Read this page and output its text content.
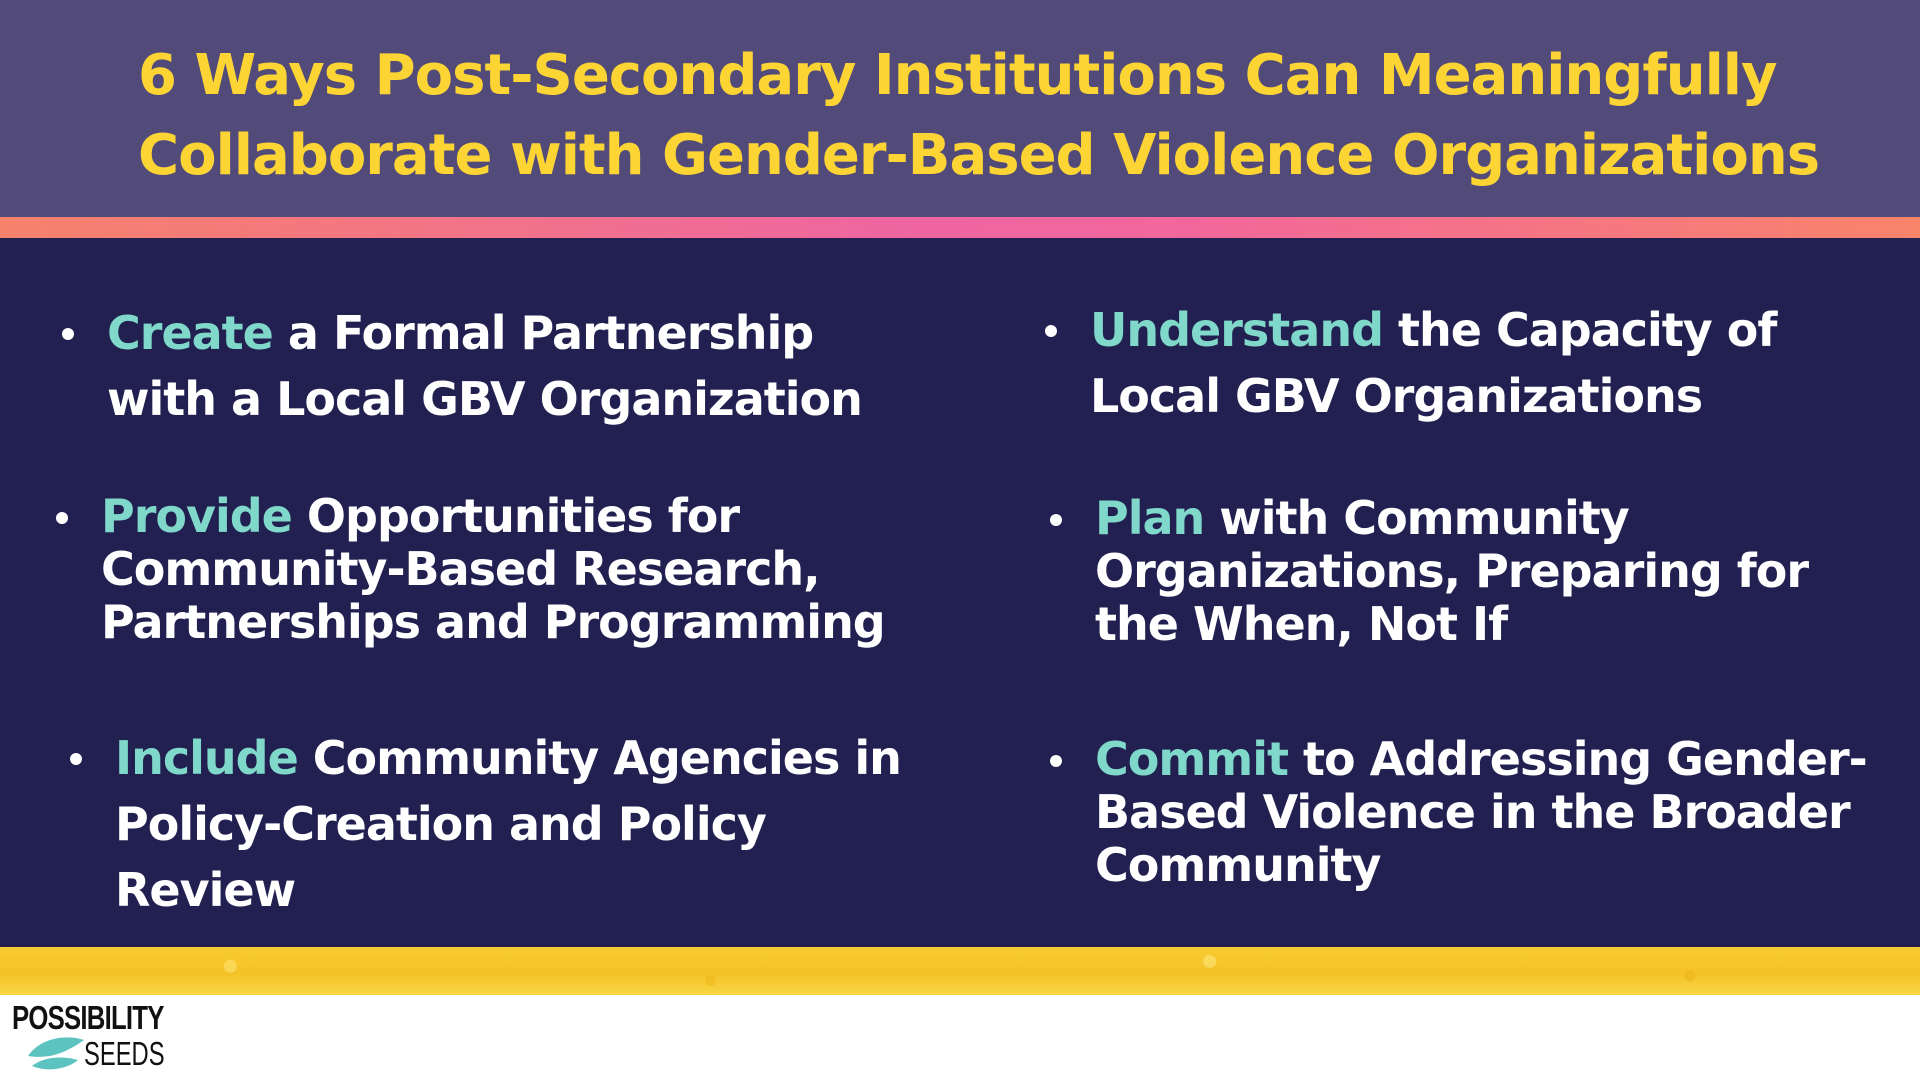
6 Ways Post-Secondary Institutions Can Meaningfully
Collaborate with Gender-Based Violence Organizations
Create a Formal Partnership
with a Local GBV Organization
Understand the Capacity of
Local GBV Organizations
Provide Opportunities for
Community-Based Research,
Partnerships and Programming
Plan with Community
Organizations, Preparing for
the When, Not If
Include Community Agencies in
Policy-Creation and Policy
Review
Commit to Addressing Gender-
Based Violence in the Broader
Community
POSSIBILITY
SEEDS
